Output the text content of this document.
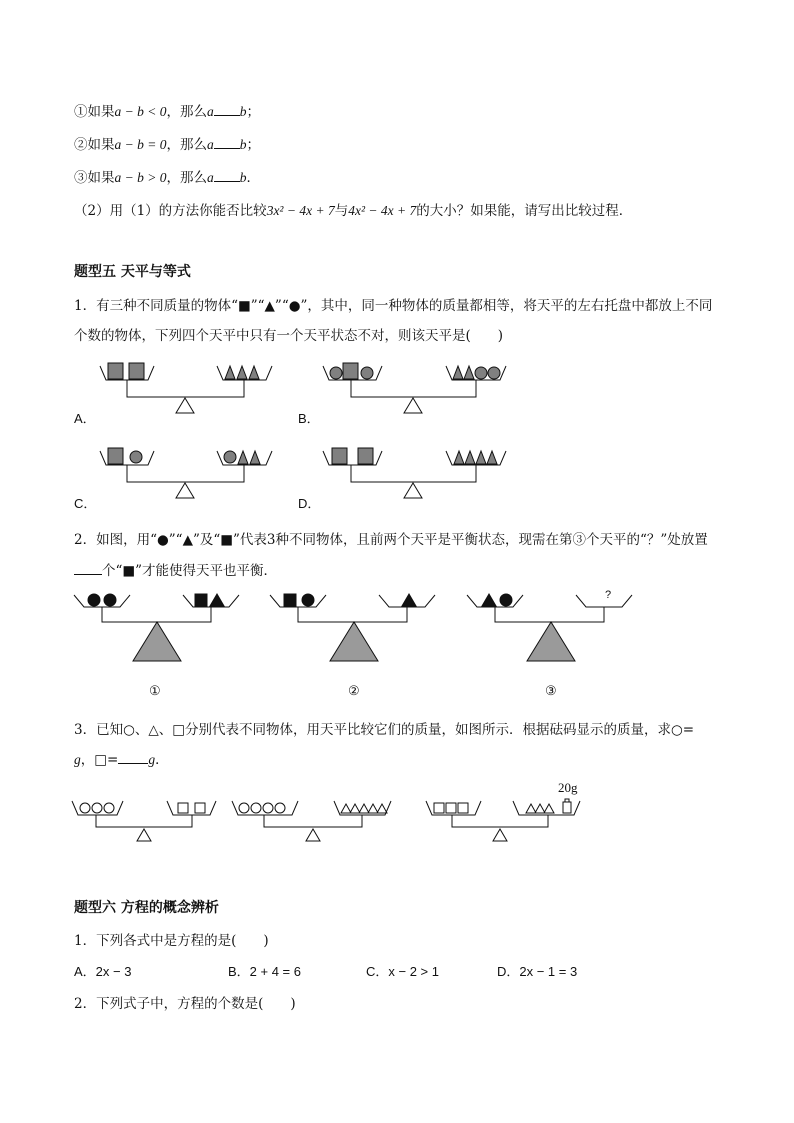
①如果a − b < 0，那么a b；
②如果a − b = 0，那么a b；
③如果a − b > 0，那么a b．
（2）用（1）的方法你能否比较3x² − 4x + 7与4x² − 4x + 7的大小？如果能，请写出比较过程．
题型五 天平与等式
1．有三种不同质量的物体“■”“▲”“●”，其中，同一种物体的质量都相等，将天平的左右托盘中都放上不同
个数的物体，下列四个天平中只有一个天平状态不对，则该天平是(　　)
A．	B．
C．	D．
2．如图，用“●”“▲”及“■”代表3种不同物体，且前两个天平是平衡状态，现需在第③个天平的“？”处放置
个“■”才能使得天平也平衡．
?
①	②	③
3．已知○、△、□分别代表不同物体，用天平比较它们的质量，如图所示．根据砝码显示的质量，求○=
g，□= g．
20g
题型六 方程的概念辨析
1．下列各式中是方程的是(　　)
A．2x − 3	B．2 + 4 = 6	C．x − 2 > 1	D．2x − 1 = 3
2．下列式子中，方程的个数是(　　)
